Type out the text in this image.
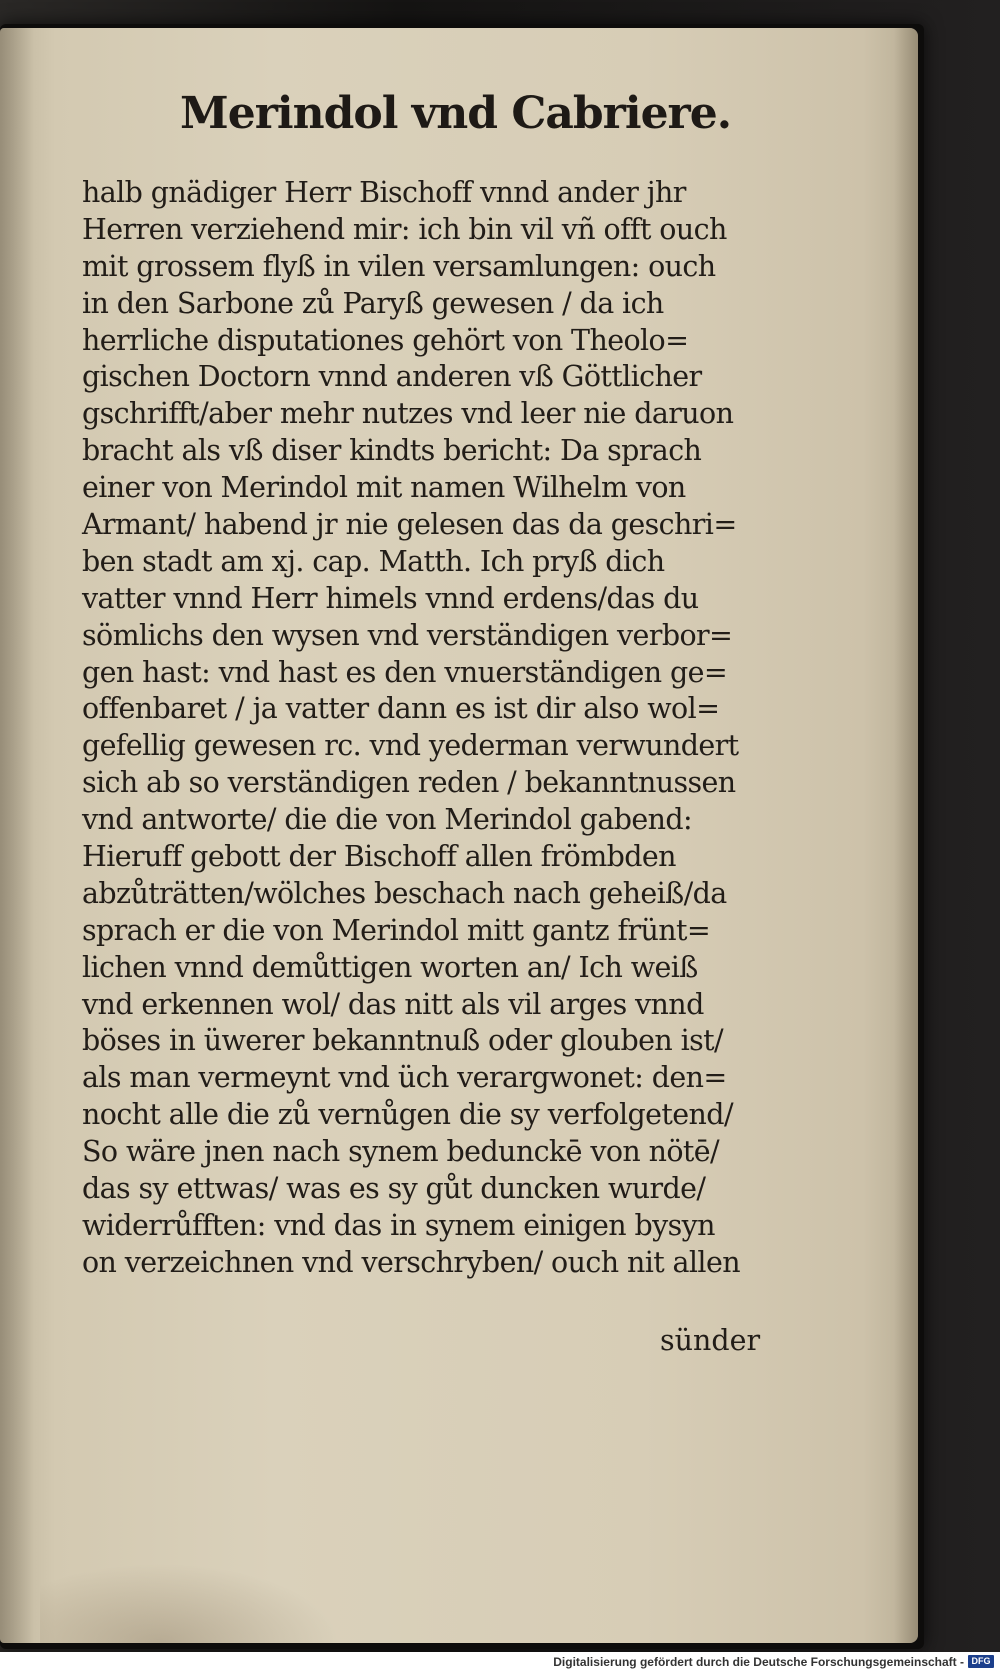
Merindol vnd Cabriere.
halb gnädiger Herr Bischoff vnnd ander jhr
Herren verziehend mir: ich bin vil vñ offt ouch
mit grossem flyß in vilen versamlungen: ouch
in den Sarbone zů Paryß gewesen / da ich
herrliche disputationes gehört von Theolo=
gischen Doctorn vnnd anderen vß Göttlicher
gschrifft/aber mehr nutzes vnd leer nie daruon
bracht als vß diser kindts bericht: Da sprach
einer von Merindol mit namen Wilhelm von
Armant/ habend jr nie gelesen das da geschri=
ben stadt am xj. cap. Matth. Ich pryß dich
vatter vnnd Herr himels vnnd erdens/das du
sömlichs den wysen vnd verständigen verbor=
gen hast: vnd hast es den vnuerständigen ge=
offenbaret / ja vatter dann es ist dir also wol=
gefellig gewesen rc. vnd yederman verwundert
sich ab so verständigen reden / bekanntnussen
vnd antworte/ die die von Merindol gabend:
Hieruff gebott der Bischoff allen frömbden
abzůträtten/wölches beschach nach geheiß/da
sprach er die von Merindol mitt gantz frünt=
lichen vnnd demůttigen worten an/ Ich weiß
vnd erkennen wol/ das nitt als vil arges vnnd
böses in üwerer bekanntnuß oder glouben ist/
als man vermeynt vnd üch verargwonet: den=
nocht alle die zů vernůgen die sy verfolgetend/
So wäre jnen nach synem bedunckē von nötē/
das sy ettwas/ was es sy gůt duncken wurde/
widerrůfften: vnd das in synem einigen bysyn
on verzeichnen vnd verschryben/ ouch nit allen
sünder
Digitalisierung gefördert durch die Deutsche Forschungsgemeinschaft - DFG
